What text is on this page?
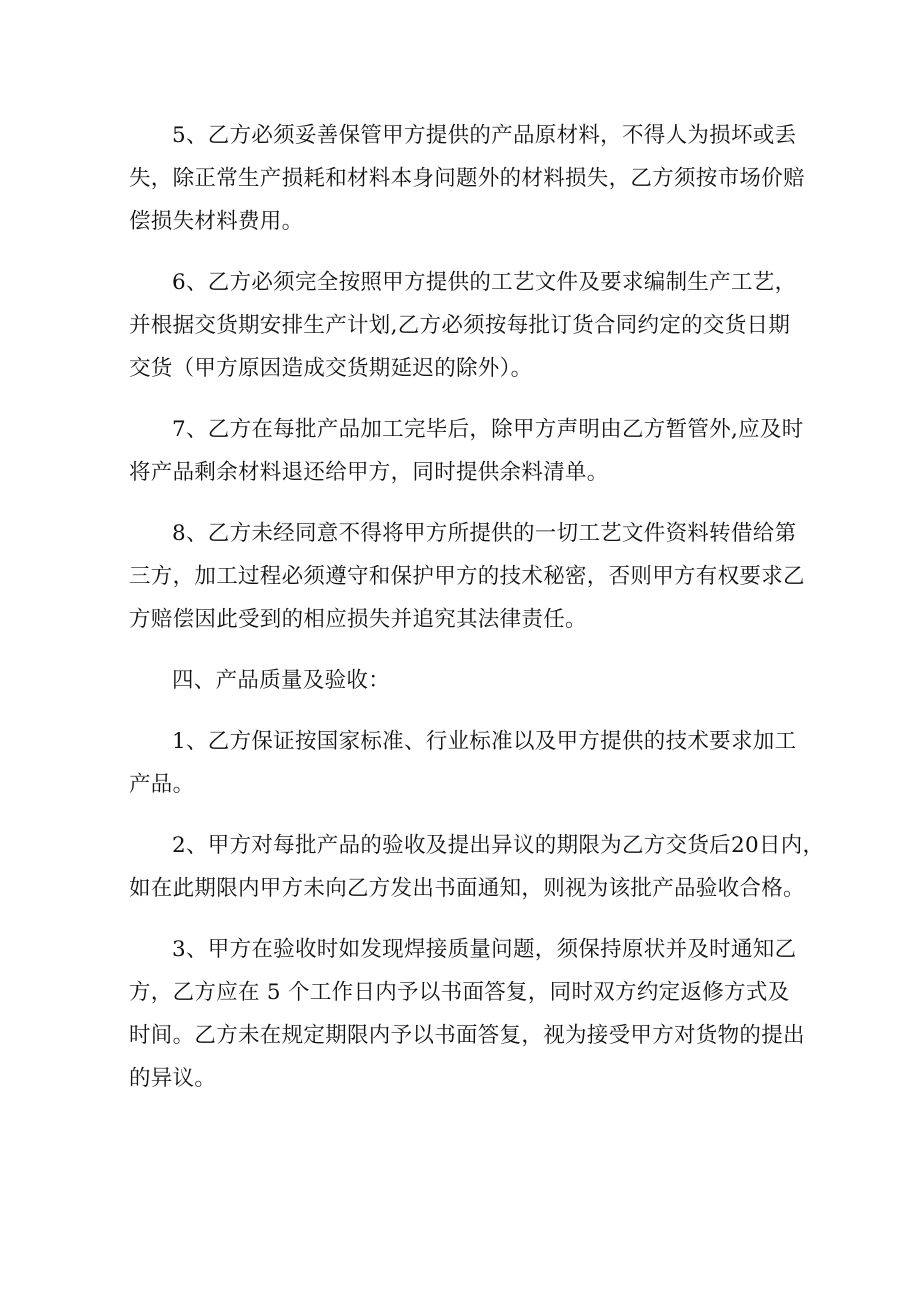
5、乙方必须妥善保管甲方提供的产品原材料，不得人为损坏或丢
失，除正常生产损耗和材料本身问题外的材料损失，乙方须按市场价赔
偿损失材料费用。
6、乙方必须完全按照甲方提供的工艺文件及要求编制生产工艺，
并根据交货期安排生产计划,乙方必须按每批订货合同约定的交货日期
交货（甲方原因造成交货期延迟的除外）。
7、乙方在每批产品加工完毕后，除甲方声明由乙方暂管外,应及时
将产品剩余材料退还给甲方，同时提供余料清单。
8、乙方未经同意不得将甲方所提供的一切工艺文件资料转借给第
三方，加工过程必须遵守和保护甲方的技术秘密，否则甲方有权要求乙
方赔偿因此受到的相应损失并追究其法律责任。
四、产品质量及验收：
1、乙方保证按国家标准、行业标准以及甲方提供的技术要求加工
产品。
2、甲方对每批产品的验收及提出异议的期限为乙方交货后20日内，
如在此期限内甲方未向乙方发出书面通知，则视为该批产品验收合格。
3、甲方在验收时如发现焊接质量问题，须保持原状并及时通知乙
方，乙方应在 5 个工作日内予以书面答复，同时双方约定返修方式及
时间。乙方未在规定期限内予以书面答复，视为接受甲方对货物的提出
的异议。
